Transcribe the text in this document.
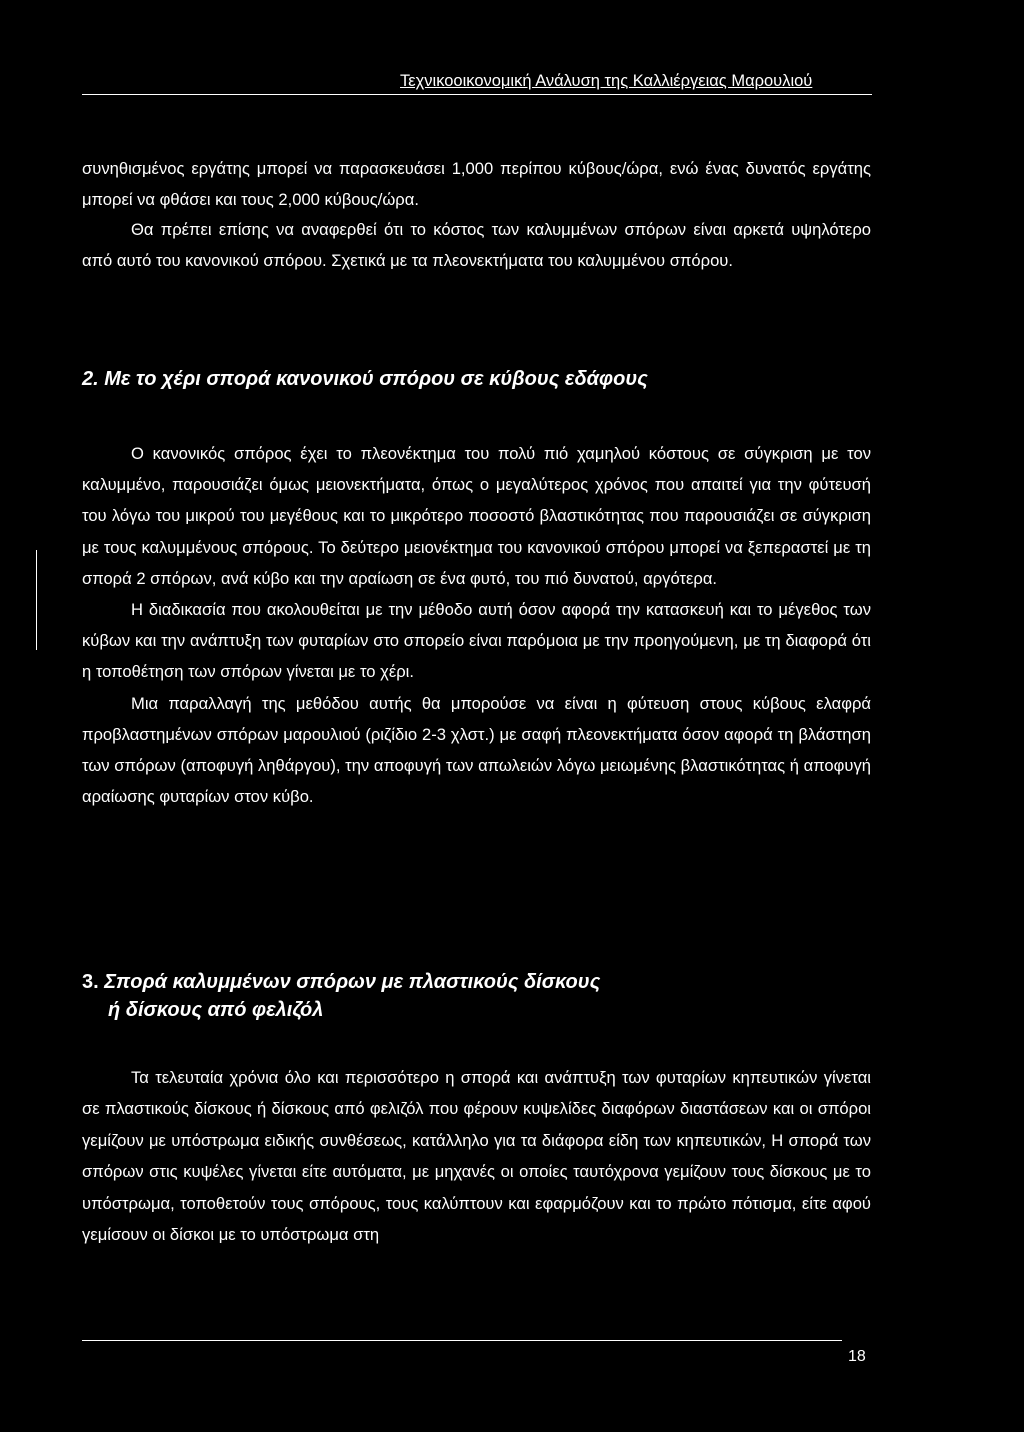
Τεχνικοοικονομική Ανάλυση της Καλλιέργειας Μαρουλιού

συνηθισμένος εργάτης μπορεί να παρασκευάσει 1,000 περίπου κύβους/ώρα, ενώ ένας δυνατός εργάτης μπορεί να φθάσει και τους 2,000 κύβους/ώρα.

Θα πρέπει επίσης να αναφερθεί ότι το κόστος των καλυμμένων σπόρων είναι αρκετά υψηλότερο από αυτό του κανονικού σπόρου. Σχετικά με τα πλεονεκτήματα του καλυμμένου σπόρου.

2. Με το χέρι σπορά κανονικού σπόρου σε κύβους εδάφους

Ο κανονικός σπόρος έχει το πλεονέκτημα του πολύ πιό χαμηλού κόστους σε σύγκριση με τον καλυμμένο, παρουσιάζει όμως μειονεκτήματα, όπως ο μεγαλύτερος χρόνος που απαιτεί για την φύτευσή του λόγω του μικρού του μεγέθους και το μικρότερο ποσοστό βλαστικότητας που παρουσιάζει σε σύγκριση με τους καλυμμένους σπόρους. Το δεύτερο μειονέκτημα του κανονικού σπόρου μπορεί να ξεπεραστεί με τη σπορά 2 σπόρων, ανά κύβο και την αραίωση σε ένα φυτό, του πιό δυνατού, αργότερα.

Η διαδικασία που ακολουθείται με την μέθοδο αυτή όσον αφορά την κατασκευή και το μέγεθος των κύβων και την ανάπτυξη των φυταρίων στο σπορείο είναι παρόμοια με την προηγούμενη, με τη διαφορά ότι η τοποθέτηση των σπόρων γίνεται με το χέρι.

Μια παραλλαγή της μεθόδου αυτής θα μπορούσε να είναι η φύτευση στους κύβους ελαφρά προβλαστημένων σπόρων μαρουλιού (ριζίδιο 2-3 χλστ.) με σαφή πλεονεκτήματα όσον αφορά τη βλάστηση των σπόρων (αποφυγή ληθάργου), την αποφυγή των απωλειών λόγω μειωμένης βλαστικότητας ή αποφυγή αραίωσης φυταρίων στον κύβο.

3. Σπορά καλυμμένων σπόρων με πλαστικούς δίσκους
ή δίσκους από φελιζόλ

Τα τελευταία χρόνια όλο και περισσότερο η σπορά και ανάπτυξη των φυταρίων κηπευτικών γίνεται σε πλαστικούς δίσκους ή δίσκους από φελιζόλ που φέρουν κυψελίδες διαφόρων διαστάσεων και οι σπόροι γεμίζουν με υπόστρωμα ειδικής συνθέσεως, κατάλληλο για τα διάφορα είδη των κηπευτικών, Η σπορά των σπόρων στις κυψέλες γίνεται είτε αυτόματα, με μηχανές οι οποίες ταυτόχρονα γεμίζουν τους δίσκους με το υπόστρωμα, τοποθετούν τους σπόρους, τους καλύπτουν και εφαρμόζουν και το πρώτο πότισμα, είτε αφού γεμίσουν οι δίσκοι με το υπόστρωμα στη

18
